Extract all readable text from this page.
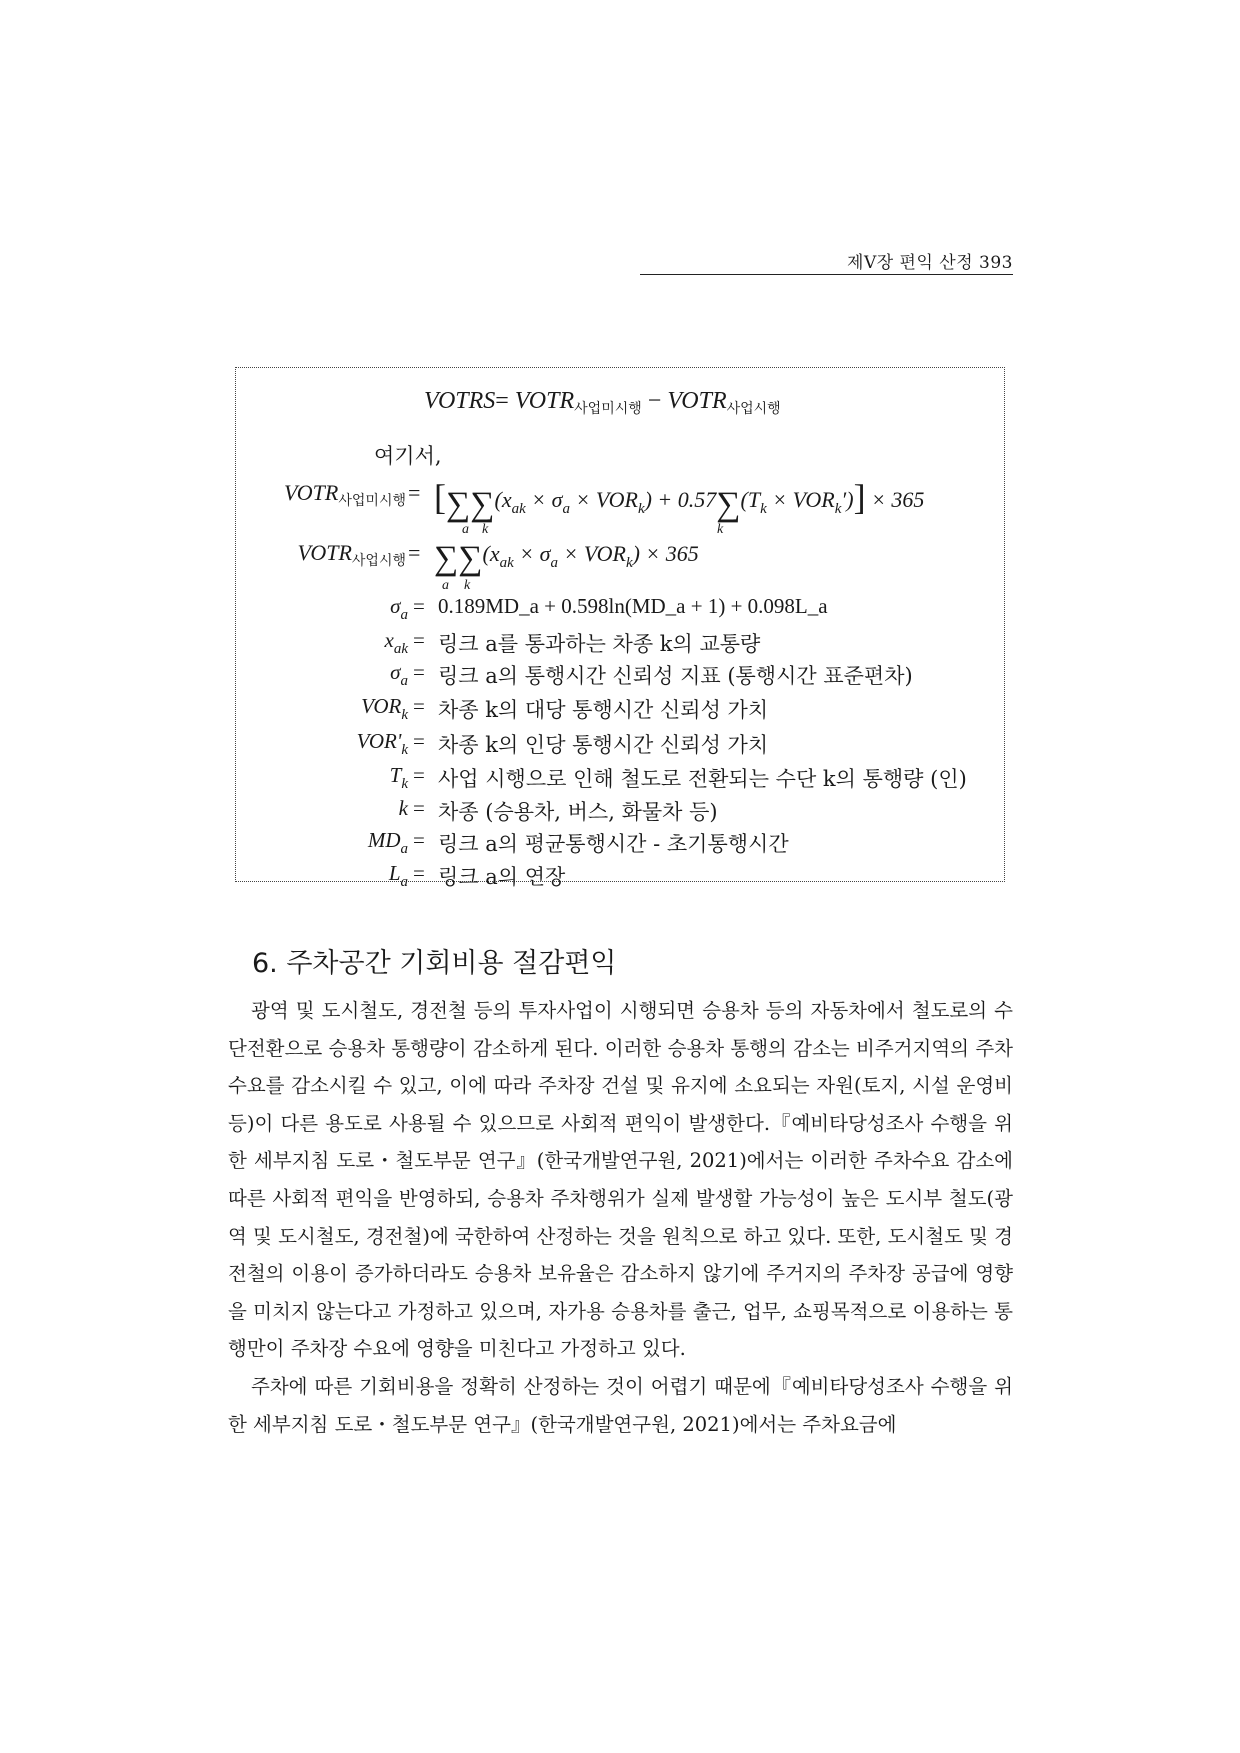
제Ⅴ장 편익 산정 393
VOTRS= $VOTR_{사업미시행}$ − $VOTR_{사업시행}$
여기서,
$VOTR_{사업미시행} = [\sum\sum(x_{ak} \times \sigma_a \times VOR_k) + 0.57\sum(T_k \times VOR_k')] \times 365$
a k	k
$VOTR_{사업시행} = \sum\sum(x_{ak} \times \sigma_a \times VOR_k) \times 365$
a k
$\sigma_a$ = 0.189MD_a + 0.598ln(MD_a + 1) + 0.098L_a
$x_{ak}$ = 링크 a를 통과하는 차종 k의 교통량
$\sigma_a$ = 링크 a의 통행시간 신뢰성 지표 (통행시간 표준편차)
$VOR_k$ = 차종 k의 대당 통행시간 신뢰성 가치
$VOR'_k$ = 차종 k의 인당 통행시간 신뢰성 가치
$T_k$ = 사업 시행으로 인해 철도로 전환되는 수단 k의 통행량 (인)
k = 차종 (승용차, 버스, 화물차 등)
$MD_a$ = 링크 a의 평균통행시간 - 초기통행시간
$L_a$ = 링크 a의 연장
6. 주차공간 기회비용 절감편익

광역 및 도시철도, 경전철 등의 투자사업이 시행되면 승용차 등의 자동차에서 철도로의 수단전환으로 승용차 통행량이 감소하게 된다. 이러한 승용차 통행의 감소는 비주거지역의 주차수요를 감소시킬 수 있고, 이에 따라 주차장 건설 및 유지에 소요되는 자원(토지, 시설 운영비 등)이 다른 용도로 사용될 수 있으므로 사회적 편익이 발생한다.『예비타당성조사 수행을 위한 세부지침 도로・철도부문 연구』(한국개발연구원, 2021)에서는 이러한 주차수요 감소에 따른 사회적 편익을 반영하되, 승용차 주차행위가 실제 발생할 가능성이 높은 도시부 철도(광역 및 도시철도, 경전철)에 국한하여 산정하는 것을 원칙으로 하고 있다. 또한, 도시철도 및 경전철의 이용이 증가하더라도 승용차 보유율은 감소하지 않기에 주거지의 주차장 공급에 영향을 미치지 않는다고 가정하고 있으며, 자가용 승용차를 출근, 업무, 쇼핑목적으로 이용하는 통행만이 주차장 수요에 영향을 미친다고 가정하고 있다.

주차에 따른 기회비용을 정확히 산정하는 것이 어렵기 때문에『예비타당성조사 수행을 위한 세부지침 도로・철도부문 연구』(한국개발연구원, 2021)에서는 주차요금에
